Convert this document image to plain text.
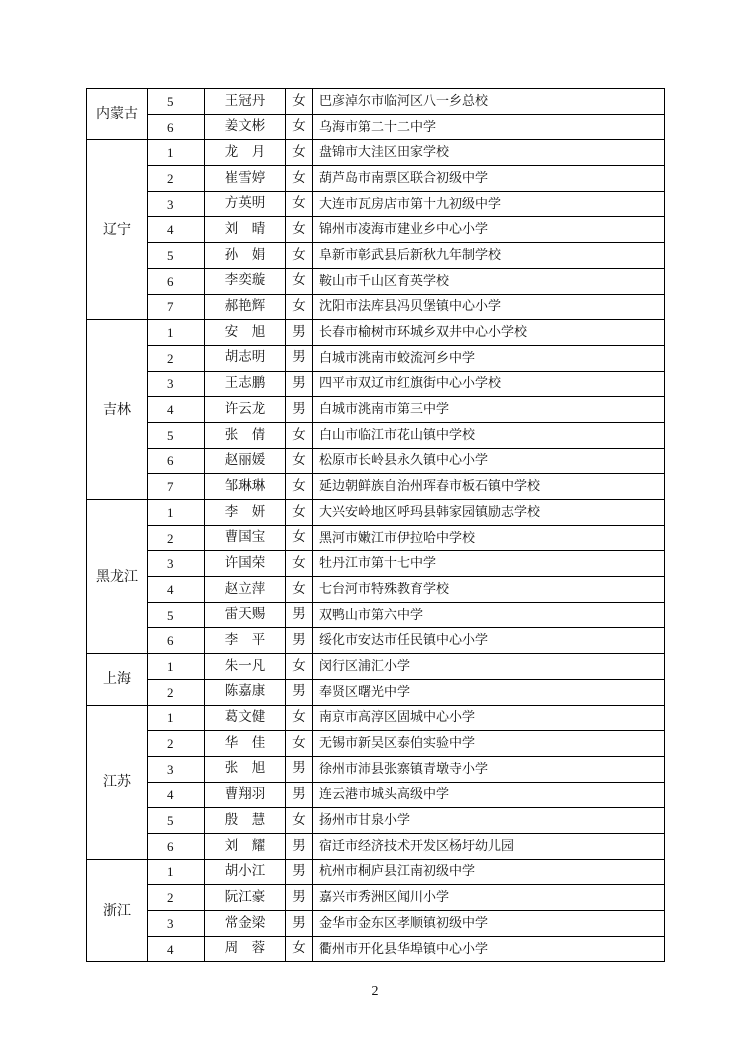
内蒙古	5	王冠丹	女	巴彦淖尔市临河区八一乡总校
	6	姜文彬	女	乌海市第二十二中学
辽宁	1	龙　月	女	盘锦市大洼区田家学校
	2	崔雪婷	女	葫芦岛市南票区联合初级中学
	3	方英明	女	大连市瓦房店市第十九初级中学
	4	刘　晴	女	锦州市凌海市建业乡中心小学
	5	孙　娟	女	阜新市彰武县后新秋九年制学校
	6	李奕璇	女	鞍山市千山区育英学校
	7	郝艳辉	女	沈阳市法库县冯贝堡镇中心小学
吉林	1	安　旭	男	长春市榆树市环城乡双井中心小学校
	2	胡志明	男	白城市洮南市蛟流河乡中学
	3	王志鹏	男	四平市双辽市红旗街中心小学校
	4	许云龙	男	白城市洮南市第三中学
	5	张　倩	女	白山市临江市花山镇中学校
	6	赵丽媛	女	松原市长岭县永久镇中心小学
	7	邹琳琳	女	延边朝鲜族自治州珲春市板石镇中学校
黑龙江	1	李　妍	女	大兴安岭地区呼玛县韩家园镇励志学校
	2	曹国宝	女	黑河市嫩江市伊拉哈中学校
	3	许国荣	女	牡丹江市第十七中学
	4	赵立萍	女	七台河市特殊教育学校
	5	雷天赐	男	双鸭山市第六中学
	6	李　平	男	绥化市安达市任民镇中心小学
上海	1	朱一凡	女	闵行区浦汇小学
	2	陈嘉康	男	奉贤区曙光中学
江苏	1	葛文健	女	南京市高淳区固城中心小学
	2	华　佳	女	无锡市新吴区泰伯实验中学
	3	张　旭	男	徐州市沛县张寨镇青墩寺小学
	4	曹翔羽	男	连云港市城头高级中学
	5	殷　慧	女	扬州市甘泉小学
	6	刘　耀	男	宿迁市经济技术开发区杨圩幼儿园
浙江	1	胡小江	男	杭州市桐庐县江南初级中学
	2	阮江豪	男	嘉兴市秀洲区闻川小学
	3	常金梁	男	金华市金东区孝顺镇初级中学
	4	周　蓉	女	衢州市开化县华埠镇中心小学
2
